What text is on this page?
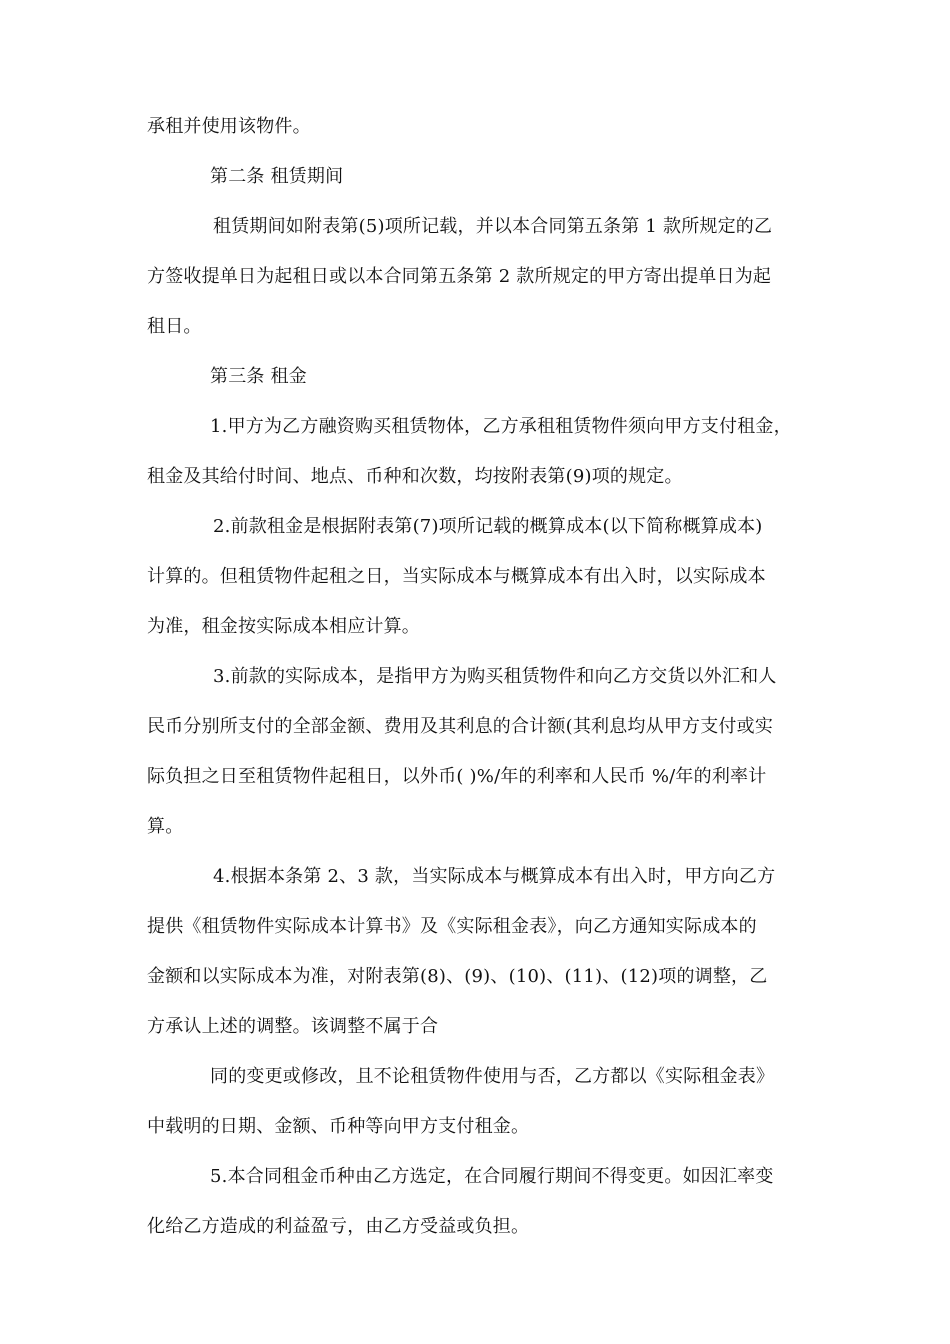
承租并使用该物件。
第二条 租赁期间
租赁期间如附表第(5)项所记载，并以本合同第五条第 1 款所规定的乙
方签收提单日为起租日或以本合同第五条第 2 款所规定的甲方寄出提单日为起
租日。
第三条 租金
1.甲方为乙方融资购买租赁物体，乙方承租租赁物件须向甲方支付租金，
租金及其给付时间、地点、币种和次数，均按附表第(9)项的规定。
2.前款租金是根据附表第(7)项所记载的概算成本(以下简称概算成本)
计算的。但租赁物件起租之日，当实际成本与概算成本有出入时，以实际成本
为准，租金按实际成本相应计算。
3.前款的实际成本，是指甲方为购买租赁物件和向乙方交货以外汇和人
民币分别所支付的全部金额、费用及其利息的合计额(其利息均从甲方支付或实
际负担之日至租赁物件起租日，以外币( )%/年的利率和人民币 %/年的利率计
算。
4.根据本条第 2、3 款，当实际成本与概算成本有出入时，甲方向乙方
提供《租赁物件实际成本计算书》及《实际租金表》，向乙方通知实际成本的
金额和以实际成本为准，对附表第(8)、(9)、(10)、(11)、(12)项的调整，乙
方承认上述的调整。该调整不属于合
同的变更或修改，且不论租赁物件使用与否，乙方都以《实际租金表》
中载明的日期、金额、币种等向甲方支付租金。
5.本合同租金币种由乙方选定，在合同履行期间不得变更。如因汇率变
化给乙方造成的利益盈亏，由乙方受益或负担。
